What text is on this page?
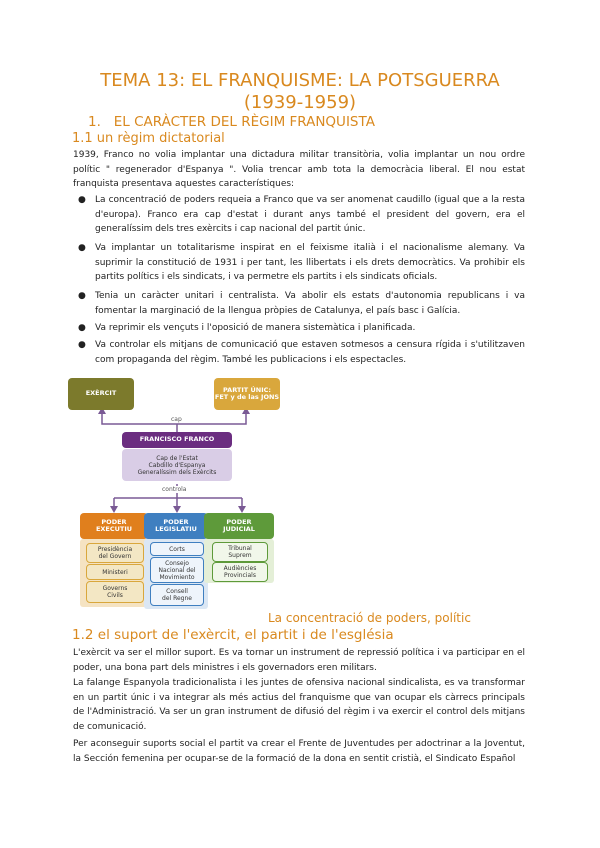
TEMA 13: EL FRANQUISME: LA POTSGUERRA
(1939-1959)
1. EL CARÀCTER DEL RÈGIM FRANQUISTA
1.1 un règim dictatorial
1939, Franco no volia implantar una dictadura militar transitòria, volia implantar un nou ordre polític " regenerador d'Espanya ". Volia trencar amb tota la democràcia liberal. El nou estat franquista presentava aquestes característiques:
● La concentració de poders requeia a Franco que va ser anomenat caudillo (igual que a la resta d'europa). Franco era cap d'estat i durant anys també el president del govern, era el generalíssim dels tres exèrcits i cap nacional del partit únic.
● Va implantar un totalitarisme inspirat en el feixisme italià i el nacionalisme alemany. Va suprimir la constitució de 1931 i per tant, les llibertats i els drets democràtics. Va prohibir els partits polítics i els sindicats, i va permetre els partits i els sindicats oficials.
● Tenia un caràcter unitari i centralista. Va abolir els estats d'autonomia republicans i va fomentar la marginació de la llengua pròpies de Catalunya, el país basc i Galícia.
● Va reprimir els vençuts i l'oposició de manera sistemàtica i planificada.
● Va controlar els mitjans de comunicació que estaven sotmesos a censura rígida i s'utilitzaven com propaganda del règim. També les publicacions i els espectacles.
EXÈRCIT	PARTIT ÚNIC:
FET y de las JONS
cap
FRANCISCO FRANCO
Cap de l'Estat
Cabdillo d'Espanya
Generalíssim dels Exèrcits
controla
PODER
EXECUTIU
Presidència
del Govern
Ministeri
Governs
Civils
PODER
LEGISLATIU
Corts
Consejo
Nacional del
Movimiento
Consell
del Regne
PODER
JUDICIAL
Tribunal
Suprem
Audiències
Provincials
La concentració de poders, polític
1.2 el suport de l'exèrcit, el partit i de l'església
L'exèrcit va ser el millor suport. Es va tornar un instrument de repressió política i va participar en el poder, una bona part dels ministres i els governadors eren militars.
La falange Espanyola tradicionalista i les juntes de ofensiva nacional sindicalista, es va transformar en un partit únic i va integrar als més actius del franquisme que van ocupar els càrrecs principals de l'Administració. Va ser un gran instrument de difusió del règim i va exercir el control dels mitjans de comunicació.
Per aconseguir suports social el partit va crear el Frente de Juventudes per adoctrinar a la Joventut, la Sección femenina per ocupar-se de la formació de la dona en sentit cristià, el Sindicato Español
